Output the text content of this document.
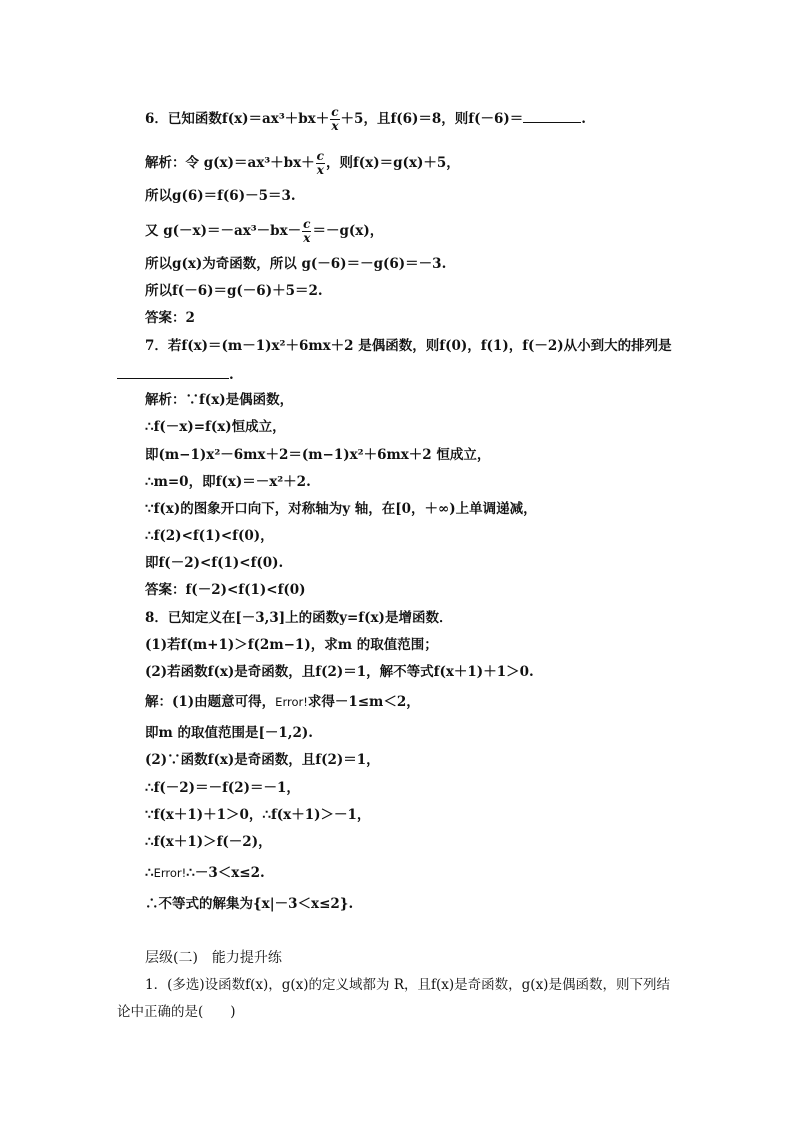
6．已知函数$f(x)=ax^3+bx+ \frac{c}{x} +5$，且f(6)＝8，则f(－6)＝	.
解析：令 $g(x)=ax^3+bx+ \frac{c}{x}$ ，则f(x)＝g(x)＋5，
所以g(6)＝f(6)－5＝3.
又 $g(-x)=-ax^3-bx- \frac{c}{x} =-g(x)$，
所以g(x)为奇函数，所以 g(－6)＝－g(6)＝－3.
所以f(－6)＝g(－6)＋5＝2.
答案：2
7．若f(x)＝(m－1)x²＋6mx＋2 是偶函数，则f(0)，f(1)，f(－2)从小到大的排列是
.
解析：∵f(x)是偶函数，
∴f(－x)=f(x)恒成立，
即(m−1)x²－6mx＋2＝(m−1)x²＋6mx＋2 恒成立，
∴m=0，即f(x)＝－x²＋2.
∵f(x)的图象开口向下，对称轴为y 轴，在[0，＋∞)上单调递减，
∴f(2)<f(1)<f(0)，
即f(－2)<f(1)<f(0).
答案：f(－2)<f(1)<f(0)
8．已知定义在[－3,3]上的函数y=f(x)是增函数．
(1)若f(m+1)＞f(2m−1)，求m 的取值范围；
(2)若函数f(x)是奇函数，且f(2)＝1，解不等式f(x＋1)＋1＞0.
解：(1)由题意可得，Error!求得－1≤m＜2，
即m 的取值范围是[－1,2).
(2)∵函数f(x)是奇函数，且f(2)＝1，
∴f(－2)＝－f(2)＝－1，
∵f(x＋1)＋1＞0，∴f(x＋1)＞－1，
∴f(x＋1)＞f(－2)，
∴Error!∴－3＜x≤2.
∴不等式的解集为{x|－3＜x≤2}.
层级(二)　能力提升练
1．(多选)设函数f(x)，g(x)的定义域都为 R，且f(x)是奇函数，g(x)是偶函数，则下列结
论中正确的是(　　)
